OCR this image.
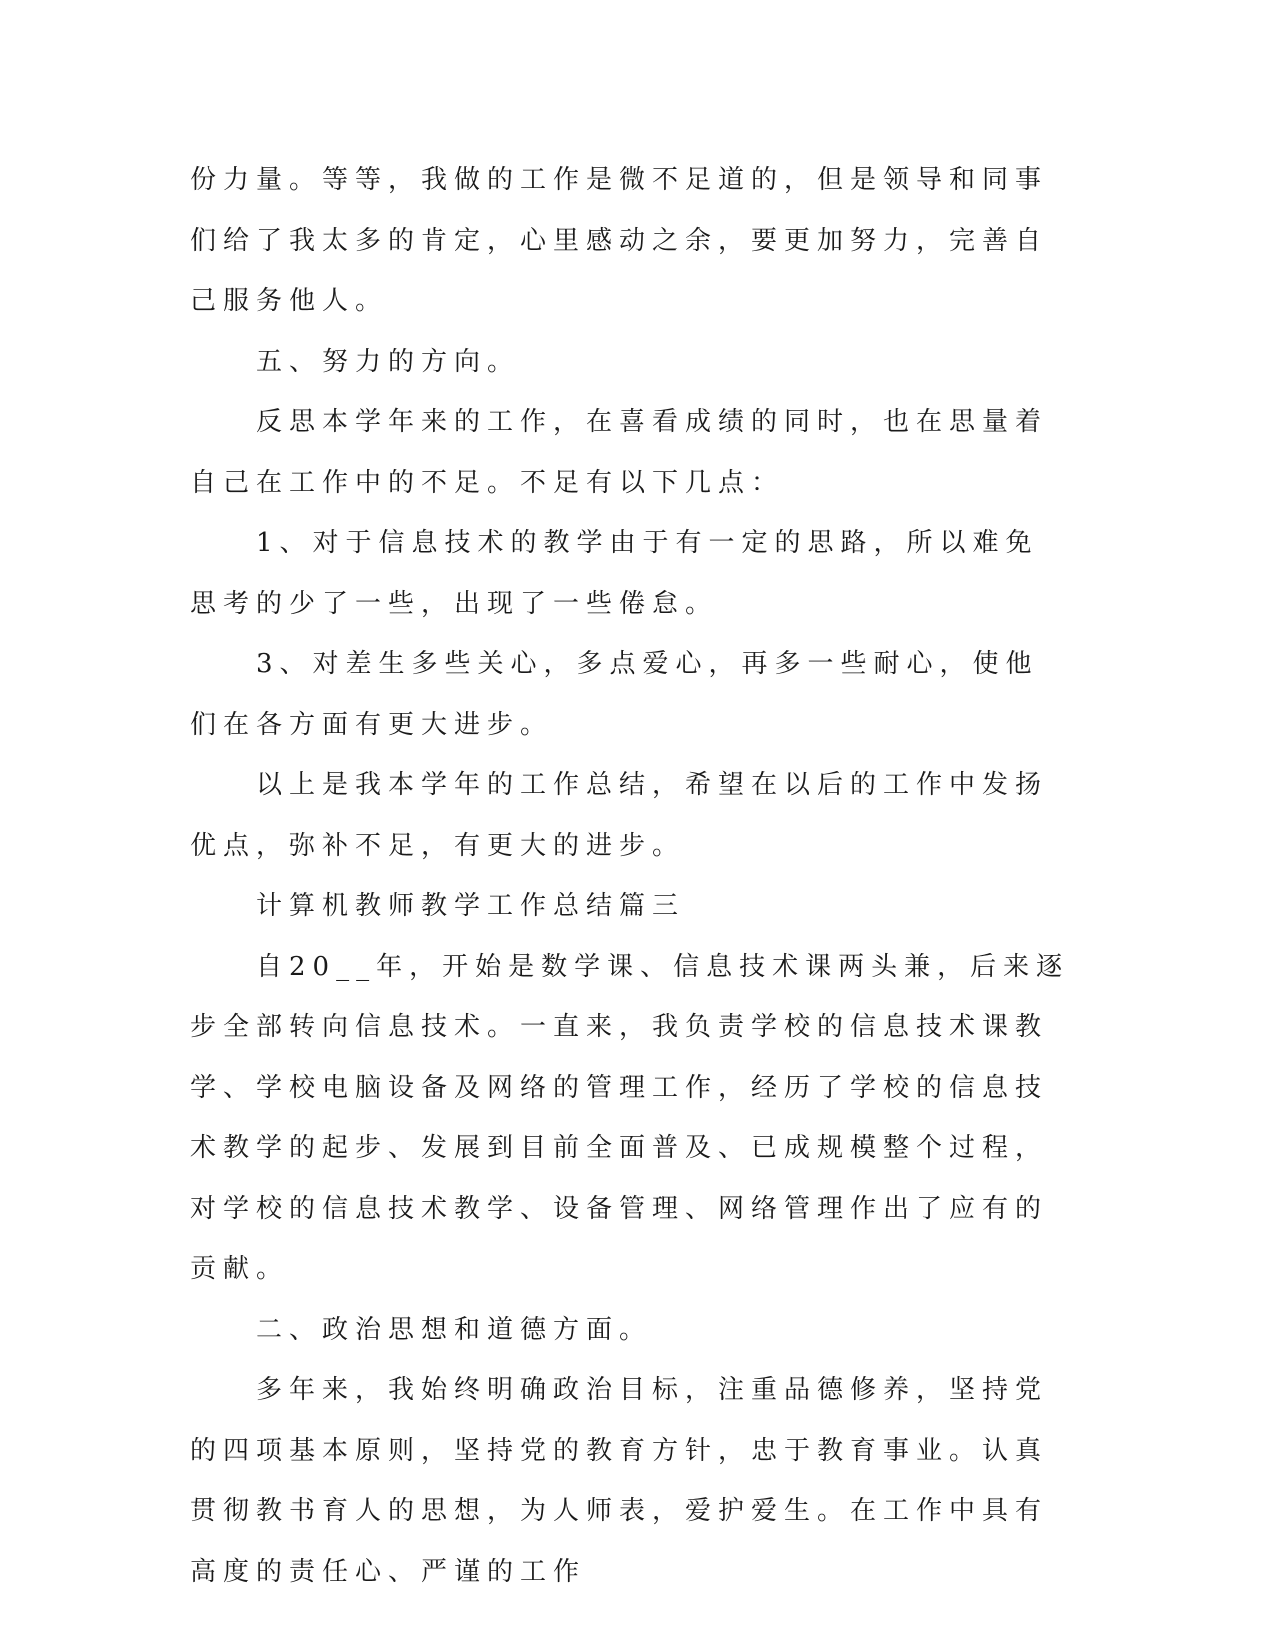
份力量。等等，我做的工作是微不足道的，但是领导和同事们给了我太多的肯定，心里感动之余，要更加努力，完善自己服务他人。

五、努力的方向。

反思本学年来的工作，在喜看成绩的同时，也在思量着自己在工作中的不足。不足有以下几点：

1、对于信息技术的教学由于有一定的思路，所以难免思考的少了一些，出现了一些倦怠。

3、对差生多些关心，多点爱心，再多一些耐心，使他们在各方面有更大进步。

以上是我本学年的工作总结，希望在以后的工作中发扬优点，弥补不足，有更大的进步。

计算机教师教学工作总结篇三

自20__年，开始是数学课、信息技术课两头兼，后来逐步全部转向信息技术。一直来，我负责学校的信息技术课教学、学校电脑设备及网络的管理工作，经历了学校的信息技术教学的起步、发展到目前全面普及、已成规模整个过程，对学校的信息技术教学、设备管理、网络管理作出了应有的贡献。

二、政治思想和道德方面。

多年来，我始终明确政治目标，注重品德修养，坚持党的四项基本原则，坚持党的教育方针，忠于教育事业。认真贯彻教书育人的思想，为人师表，爱护爱生。在工作中具有高度的责任心、严谨的工作
